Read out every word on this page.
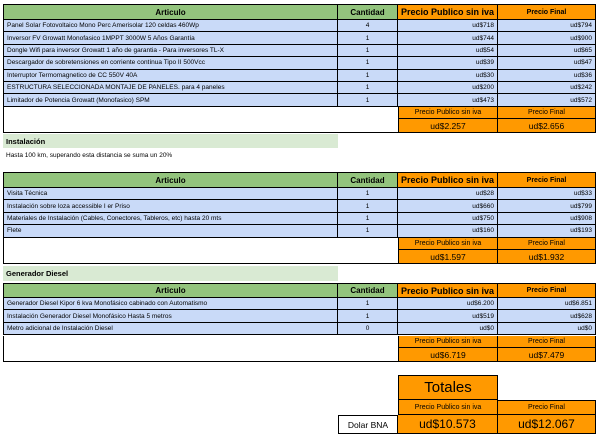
Articulo	Cantidad	Precio Publico sin iva	Precio Final
Panel Solar Fotovoltaico Mono Perc Amerisolar 120 celdas 460Wp	4	ud$718	ud$794
Inversor FV Growatt Monofasico 1MPPT 3000W 5 Años Garantía	1	ud$744	ud$900
Dongle Wifi para inversor Growatt 1 año de garantia - Para inversores TL-X	1	ud$54	ud$65
Descargador de sobretensiones en corriente contínua Tipo II 500Vcc	1	ud$39	ud$47
Interruptor Termomagnetico de CC 550V 40A	1	ud$30	ud$36
ESTRUCTURA SELECCIONADA MONTAJE DE PANELES. para 4 paneles	1	ud$200	ud$242
Limitador de Potencia Growatt (Monofasico) SPM	1	ud$473	ud$572
Precio Publico sin iva	Precio Final
ud$2.257	ud$2.656
Instalación
Hasta 100 km, superando esta distancia se suma un 20%
Articulo	Cantidad	Precio Publico sin iva	Precio Final
Visita Técnica	1	ud$28	ud$33
Instalación sobre loza accessible I er Priso	1	ud$660	ud$799
Materiales de Instalación (Cables, Conectores, Tableros, etc) hasta 20 mts	1	ud$750	ud$908
Flete	1	ud$160	ud$193
Precio Publico sin iva	Precio Final
ud$1.597	ud$1.932
Generador Diesel
Articulo	Cantidad	Precio Publico sin iva	Precio Final
Generador Diesel Kipor 6 kva Monofásico cabinado con Automatismo	1	ud$6.200	ud$6.851
Instalación Generador Diesel Monofásico Hasta 5 metros	1	ud$519	ud$628
Metro adicional de Instalación Diesel	0	ud$0	ud$0
Precio Publico sin iva	Precio Final
ud$6.719	ud$7.479
Totales
Precio Publico sin iva	Precio Final
Dolar BNA	ud$10.573	ud$12.067
